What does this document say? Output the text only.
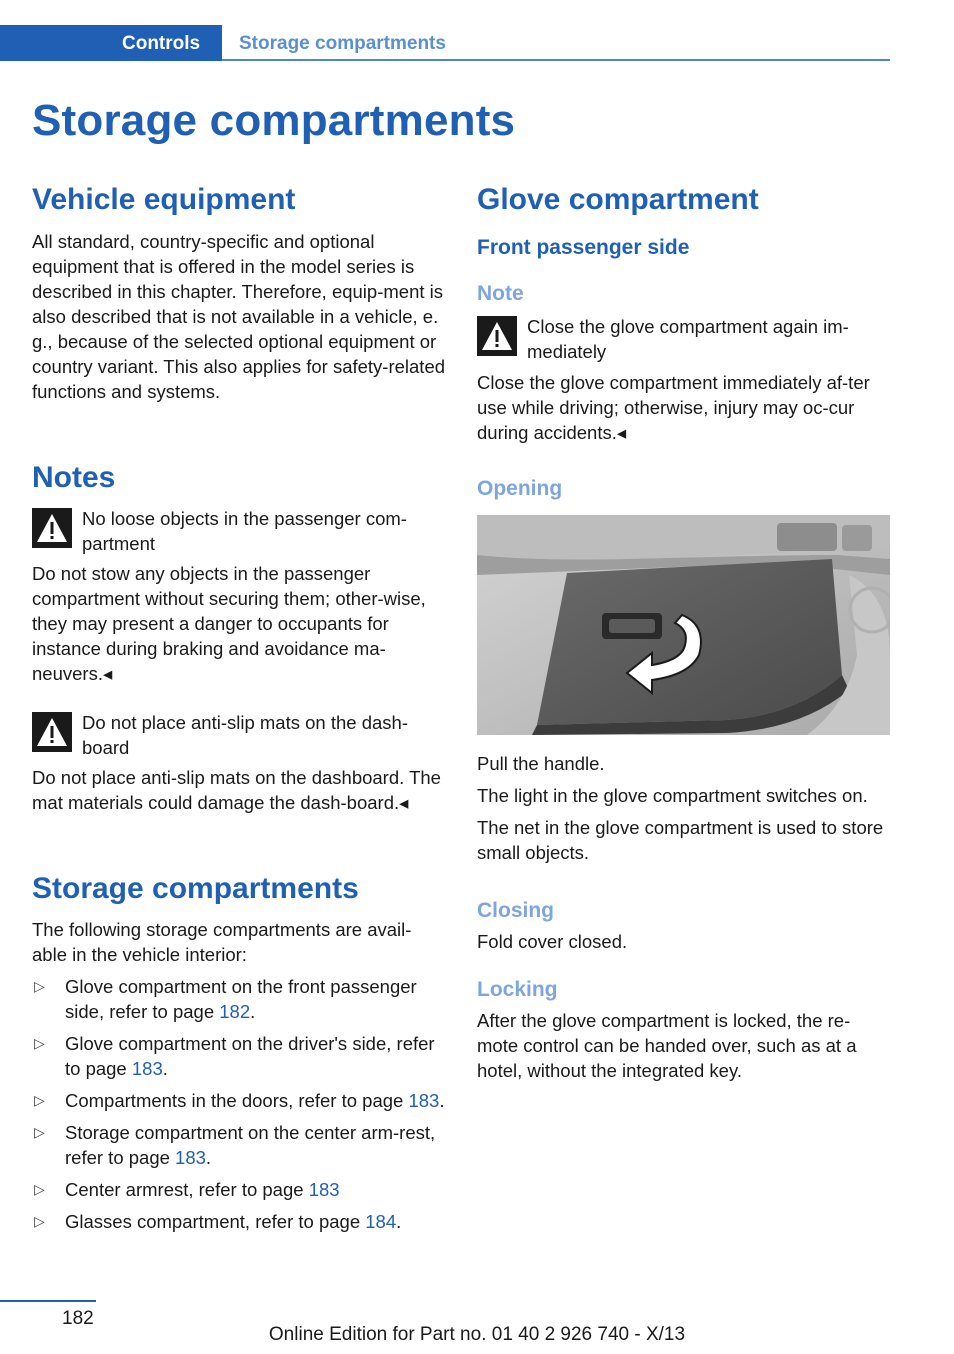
Controls Storage compartments
Storage compartments
Vehicle equipment

All standard, country-specific and optional equipment that is offered in the model series is described in this chapter. Therefore, equip-ment is also described that is not available in a vehicle, e. g., because of the selected optional equipment or country variant. This also applies for safety-related functions and systems.

Notes

No loose objects in the passenger com-partment

Do not stow any objects in the passenger compartment without securing them; other-wise, they may present a danger to occupants for instance during braking and avoidance ma-neuvers.◂

Do not place anti-slip mats on the dash-board

Do not place anti-slip mats on the dashboard. The mat materials could damage the dash-board.◂

Storage compartments

The following storage compartments are avail-able in the vehicle interior:

▷ Glove compartment on the front passenger side, refer to page 182.
▷ Glove compartment on the driver's side, refer to page 183.
▷ Compartments in the doors, refer to page 183.
▷ Storage compartment on the center arm-rest, refer to page 183.
▷ Center armrest, refer to page 183
▷ Glasses compartment, refer to page 184.
Glove compartment
Front passenger side
Note

Close the glove compartment again im-mediately

Close the glove compartment immediately af-ter use while driving; otherwise, injury may oc-cur during accidents.◂

Opening

Pull the handle.

The light in the glove compartment switches on.

The net in the glove compartment is used to store small objects.

Closing

Fold cover closed.

Locking

After the glove compartment is locked, the re-mote control can be handed over, such as at a hotel, without the integrated key.

182
Online Edition for Part no. 01 40 2 926 740 - X/13
